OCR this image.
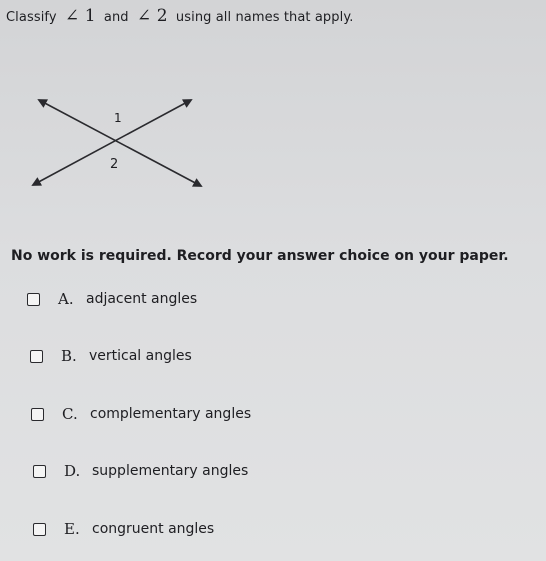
Classify ∠ 1 and ∠ 2 using all names that apply.
1
2
No work is required. Record your answer choice on your paper.
A. adjacent angles
B. vertical angles
C. complementary angles
D. supplementary angles
E. congruent angles
